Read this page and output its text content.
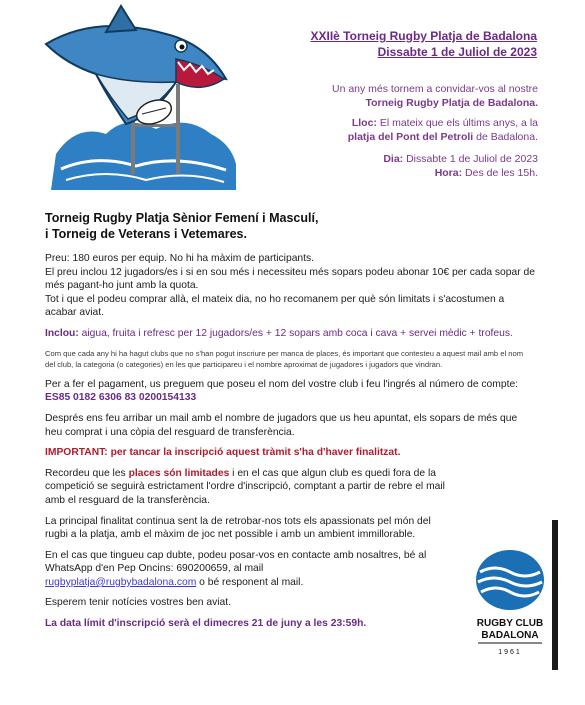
XXIIè Torneig Rugby Platja de Badalona
Dissabte 1 de Juliol de 2023

Un any més tornem a convidar-vos al nostre
Torneig Rugby Platja de Badalona.

Lloc: El mateix que els últims anys, a la
platja del Pont del Petroli de Badalona.

Dia: Dissabte 1 de Juliol de 2023
Hora: Des de les 15h.

Torneig Rugby Platja Sènior Femení i Masculí,
i Torneig de Veterans i Vetemares.
Preu: 180 euros per equip. No hi ha màxim de participants.
El preu inclou 12 jugadors/es i si en sou més i necessiteu més sopars podeu abonar 10€ per cada sopar de més pagant-ho junt amb la quota.
Tot i que el podeu comprar allà, el mateix dia, no ho recomanem per què són limitats i s'acostumen a acabar aviat.
Inclou: aigua, fruita i refresc per 12 jugadors/es + 12 sopars amb coca i cava + servei mèdic + trofeus.
Com que cada any hi ha hagut clubs que no s'han pogut inscriure per manca de places, és important que contesteu a aquest mail amb el nom del club, la categoria (o categories) en les que participareu i el nombre aproximat de jugadores i jugadors que vindran.
Per a fer el pagament, us preguem que poseu el nom del vostre club i feu l'ingrés al número de compte: ES85 0182 6306 83 0200154133
Després ens feu arribar un mail amb el nombre de jugadors que us heu apuntat, els sopars de més que heu comprat i una còpia del resguard de transferència.
IMPORTANT: per tancar la inscripció aquest tràmit s'ha d'haver finalitzat.
Recordeu que les places són limitades i en el cas que algun club es quedi fora de la competició se seguirà estrictament l'ordre d'inscripció, comptant a partir de rebre el mail amb el resguard de la transferència.
La principal finalitat continua sent la de retrobar-nos tots els apassionats pel món del rugbi a la platja, amb el màxim de joc net possible i amb un ambient immillorable.
En el cas que tingueu cap dubte, podeu posar-vos en contacte amb nosaltres, bé al WhatsApp d'en Pep Oncins: 690200659, al mail
rugbyplatja@rugbybadalona.com o bé responent al mail.
Esperem tenir notícies vostres ben aviat.
La data límit d'inscripció serà el dimecres 21 de juny a les 23:59h.	RUGBY CLUB
BADALONA
1961
